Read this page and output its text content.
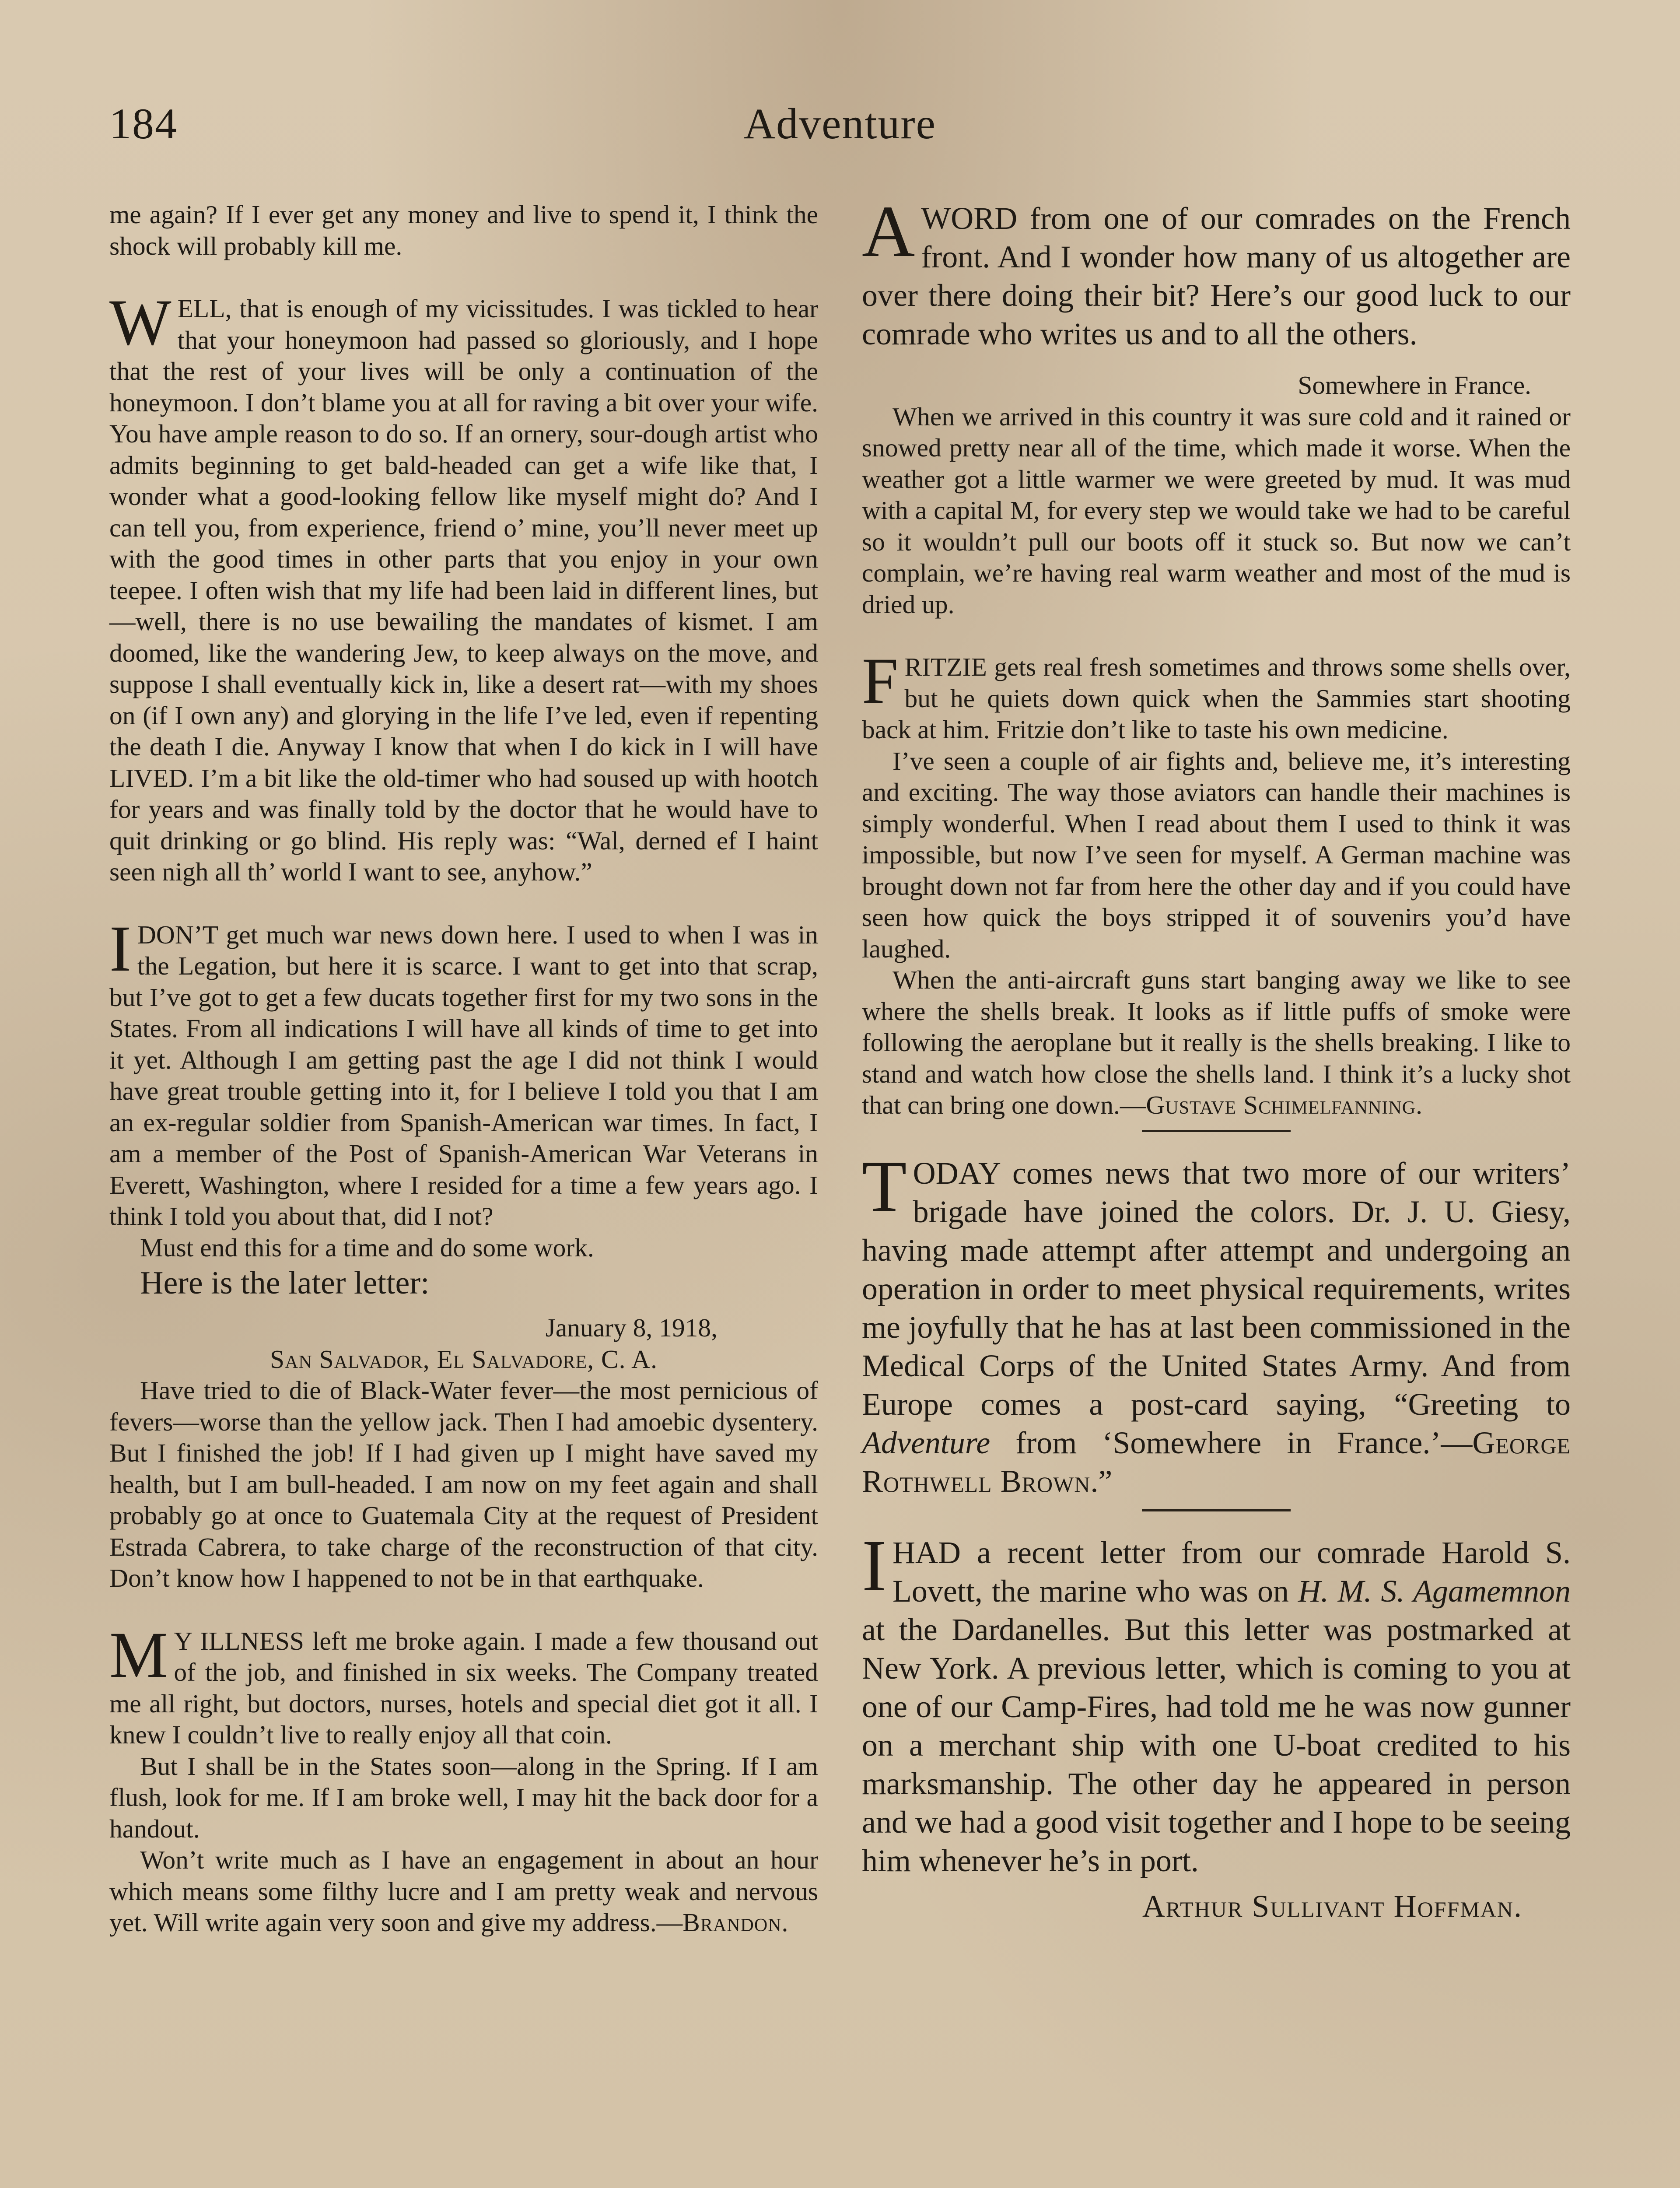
184	Adventure

me again? If I ever get any money and live to spend it, I think the shock will probably kill me.

WELL, that is enough of my vicissitudes. I was tickled to hear that your honeymoon had passed so gloriously, and I hope that the rest of your lives will be only a continuation of the honeymoon. I don’t blame you at all for raving a bit over your wife. You have ample reason to do so. If an ornery, sour-dough artist who admits beginning to get bald-headed can get a wife like that, I wonder what a good-looking fellow like myself might do? And I can tell you, from experience, friend o’ mine, you’ll never meet up with the good times in other parts that you enjoy in your own teepee. I often wish that my life had been laid in different lines, but—well, there is no use bewailing the mandates of kismet. I am doomed, like the wandering Jew, to keep always on the move, and suppose I shall eventually kick in, like a desert rat—with my shoes on (if I own any) and glorying in the life I’ve led, even if repenting the death I die. Anyway I know that when I do kick in I will have LIVED. I’m a bit like the old-timer who had soused up with hootch for years and was finally told by the doctor that he would have to quit drinking or go blind. His reply was: “Wal, derned ef I haint seen nigh all th’ world I want to see, anyhow.”

IDON’T get much war news down here. I used to when I was in the Legation, but here it is scarce. I want to get into that scrap, but I’ve got to get a few ducats together first for my two sons in the States. From all indications I will have all kinds of time to get into it yet. Although I am getting past the age I did not think I would have great trouble getting into it, for I believe I told you that I am an ex-regular soldier from Spanish-American war times. In fact, I am a member of the Post of Spanish-American War Veterans in Everett, Washington, where I resided for a time a few years ago. I think I told you about that, did I not?

Must end this for a time and do some work.

Here is the later letter:

January 8, 1918,

San Salvador, El Salvadore, C. A.

Have tried to die of Black-Water fever—the most pernicious of fevers—worse than the yellow jack. Then I had amoebic dysentery. But I finished the job! If I had given up I might have saved my health, but I am bull-headed. I am now on my feet again and shall probably go at once to Guatemala City at the request of President Estrada Cabrera, to take charge of the reconstruction of that city. Don’t know how I happened to not be in that earthquake.

M Y ILLNESS left me broke again. I made a few thousand out of the job, and finished in six weeks. The Company treated me all right, but doctors, nurses, hotels and special diet got it all. I knew I couldn’t live to really enjoy all that coin.

But I shall be in the States soon—along in the Spring. If I am flush, look for me. If I am broke well, I may hit the back door for a handout.

Won’t write much as I have an engagement in about an hour which means some filthy lucre and I am pretty weak and nervous yet. Will write again very soon and give my address.—Brandon.

AWORD from one of our comrades on the French front. And I wonder how many of us altogether are over there doing their bit? Here’s our good luck to our comrade who writes us and to all the others.

Somewhere in France.

When we arrived in this country it was sure cold and it rained or snowed pretty near all of the time, which made it worse. When the weather got a little warmer we were greeted by mud. It was mud with a capital M, for every step we would take we had to be careful so it wouldn’t pull our boots off it stuck so. But now we can’t complain, we’re having real warm weather and most of the mud is dried up.

FRITZIE gets real fresh sometimes and throws some shells over, but he quiets down quick when the Sammies start shooting back at him. Fritzie don’t like to taste his own medicine.

I’ve seen a couple of air fights and, believe me, it’s interesting and exciting. The way those aviators can handle their machines is simply wonderful. When I read about them I used to think it was impossible, but now I’ve seen for myself. A German machine was brought down not far from here the other day and if you could have seen how quick the boys stripped it of souvenirs you’d have laughed.

When the anti-aircraft guns start banging away we like to see where the shells break. It looks as if little puffs of smoke were following the aeroplane but it really is the shells breaking. I like to stand and watch how close the shells land. I think it’s a lucky shot that can bring one down.—Gustave Schimelfanning.

TODAY comes news that two more of our writers’ brigade have joined the colors. Dr. J. U. Giesy, having made attempt after attempt and undergoing an operation in order to meet physical requirements, writes me joyfully that he has at last been commissioned in the Medical Corps of the United States Army. And from Europe comes a post-card saying, “Greeting to Adventure from ‘Somewhere in France.’—George Rothwell Brown.”

IHAD a recent letter from our comrade Harold S. Lovett, the marine who was on H. M. S. Agamemnon at the Dardanelles. But this letter was postmarked at New York. A previous letter, which is coming to you at one of our Camp-Fires, had told me he was now gunner on a merchant ship with one U-boat credited to his marksmanship. The other day he appeared in person and we had a good visit together and I hope to be seeing him whenever he’s in port.

Arthur Sullivant Hoffman.
